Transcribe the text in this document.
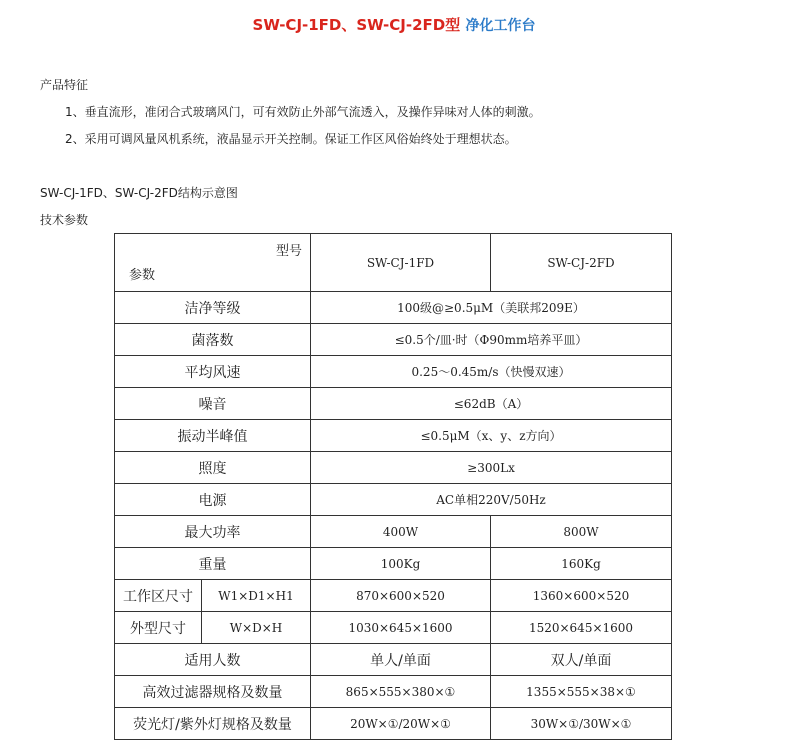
SW-CJ-1FD、SW-CJ-2FD型 净化工作台
产品特征
1、垂直流形，准闭合式玻璃风门，可有效防止外部气流透入，及操作异味对人体的刺激。
2、采用可调风量风机系统，液晶显示开关控制。保证工作区风俗始终处于理想状态。
SW-CJ-1FD、SW-CJ-2FD结构示意图
技术参数
型号
参数		SW-CJ-1FD	SW-CJ-2FD
洁净等级		100级@≥0.5μM（美联邦209E）	
菌落数		≤0.5个/皿·时（Φ90mm培养平皿）	
平均风速		0.25～0.45m/s（快慢双速）	
噪音		≤62dB（A）	
振动半峰值		≤0.5μM（x、y、z方向）	
照度		≥300Lx	
电源		AC单相220V/50Hz	
最大功率		400W	800W
重量		100Kg	160Kg
工作区尺寸	W1×D1×H1	870×600×520	1360×600×520
外型尺寸	W×D×H	1030×645×1600	1520×645×1600
适用人数		单人/单面	双人/单面
高效过滤器规格及数量		865×555×380×①	1355×555×38×①
荧光灯/紫外灯规格及数量		20W×①/20W×①	30W×①/30W×①
